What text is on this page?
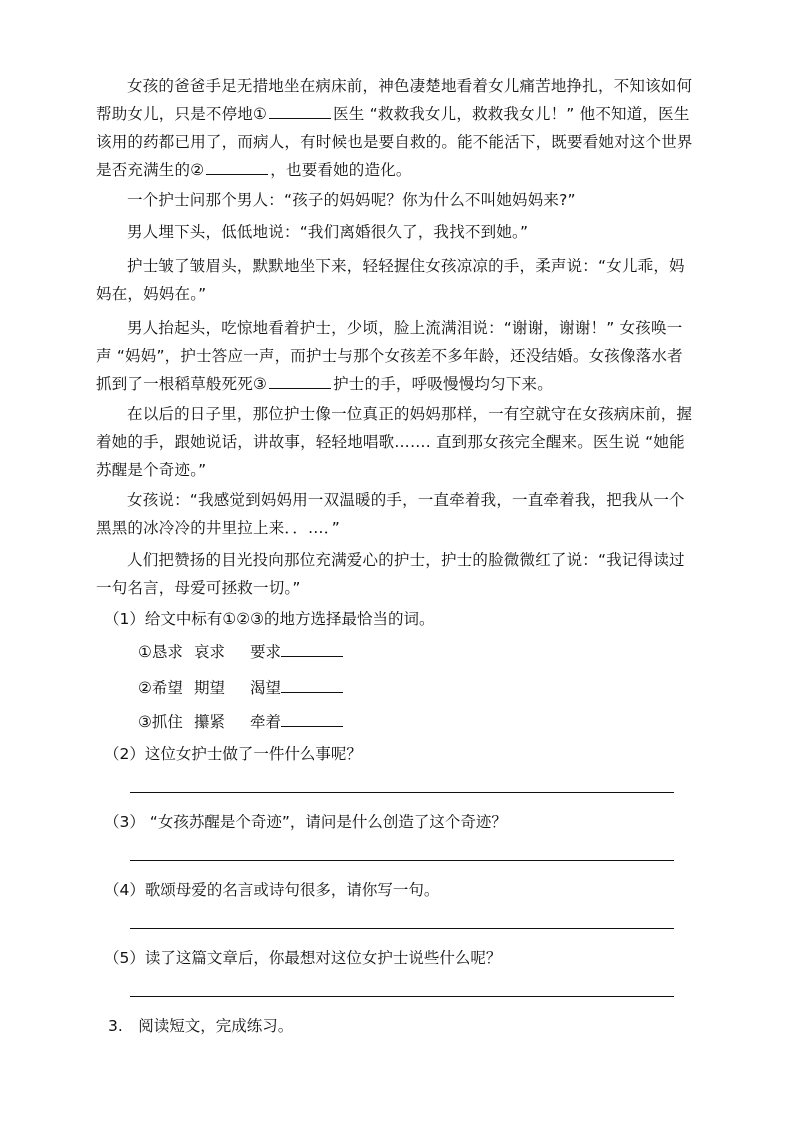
女孩的爸爸手足无措地坐在病床前，神色凄楚地看着女儿痛苦地挣扎，不知该如何帮助女儿，只是不停地①	医生 “救救我女儿，救救我女儿！” 他不知道，医生该用的药都已用了，而病人，有时候也是要自救的。能不能活下，既要看她对这个世界是否充满生的②	，也要看她的造化。

一个护士问那个男人：“孩子的妈妈呢？你为什么不叫她妈妈来?”

男人埋下头，低低地说：“我们离婚很久了，我找不到她。”

护士皱了皱眉头，默默地坐下来，轻轻握住女孩凉凉的手，柔声说：“女儿乖，妈妈在，妈妈在。”

男人抬起头，吃惊地看着护士，少顷，脸上流满泪说：“谢谢，谢谢！” 女孩唤一声 “妈妈”，护士答应一声，而护士与那个女孩差不多年龄，还没结婚。女孩像落水者抓到了一根稻草般死死③	护士的手，呼吸慢慢均匀下来。

在以后的日子里，那位护士像一位真正的妈妈那样，一有空就守在女孩病床前，握着她的手，跟她说话，讲故事，轻轻地唱歌……. 直到那女孩完全醒来。医生说 “她能苏醒是个奇迹。”

女孩说：“我感觉到妈妈用一双温暖的手，一直牵着我，一直牵着我，把我从一个黑黑的冰冷冷的井里拉上来．．…．”

人们把赞扬的目光投向那位充满爱心的护士，护士的脸微微红了说：“我记得读过一句名言，母爱可拯救一切。”

（1）给文中标有①②③的地方选择最恰当的词。

①恳求 哀求 要求
②希望 期望 渴望
③抓住 攥紧 牵着

（2）这位女护士做了一件什么事呢？

（3） “女孩苏醒是个奇迹”，请问是什么创造了这个奇迹？

（4）歌颂母爱的名言或诗句很多，请你写一句。

（5）读了这篇文章后，你最想对这位女护士说些什么呢？

3.　阅读短文，完成练习。
